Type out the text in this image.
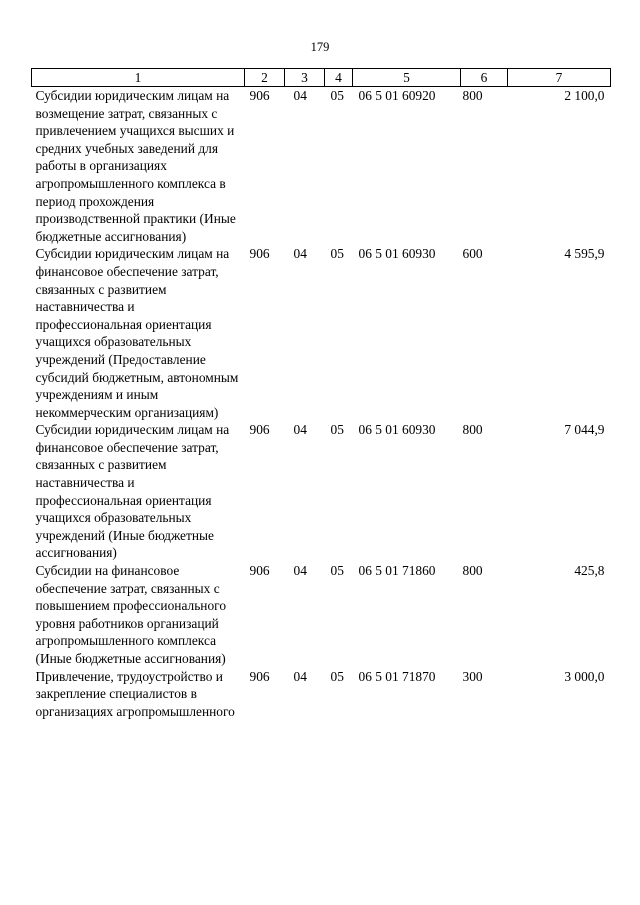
179
1	2	3	4	5	6	7
Субсидии юридическим лицам на возмещение затрат, связанных с привлечением учащихся высших и средних учебных заведений для работы в организациях агропромышленного комплекса в период прохождения производственной практики (Иные бюджетные ассигнования)	906	04	05	06 5 01 60920	800	2 100,0
Субсидии юридическим лицам на финансовое обеспечение затрат, связанных с развитием наставничества и профессиональная ориентация учащихся образовательных учреждений (Предоставление субсидий бюджетным, автономным учреждениям и иным некоммерческим организациям)	906	04	05	06 5 01 60930	600	4 595,9
Субсидии юридическим лицам на финансовое обеспечение затрат, связанных с развитием наставничества и профессиональная ориентация учащихся образовательных учреждений (Иные бюджетные ассигнования)	906	04	05	06 5 01 60930	800	7 044,9
Субсидии на финансовое обеспечение затрат, связанных с повышением профессионального уровня работников организаций агропромышленного комплекса (Иные бюджетные ассигнования)	906	04	05	06 5 01 71860	800	425,8
Привлечение, трудоустройство и закрепление специалистов в организациях агропромышленного	906	04	05	06 5 01 71870	300	3 000,0
